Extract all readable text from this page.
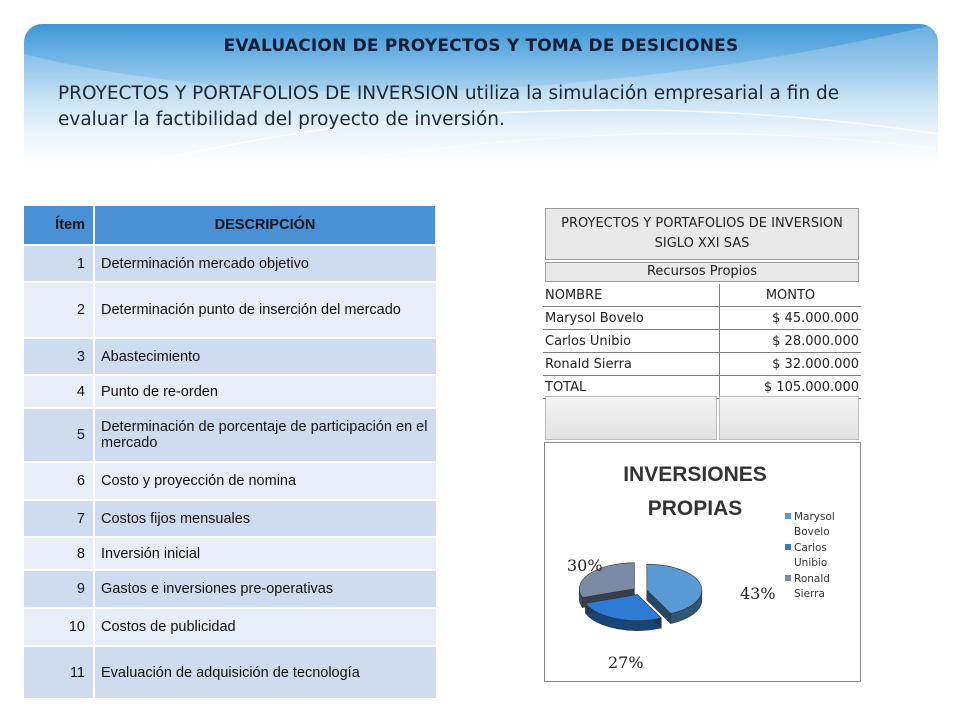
EVALUACION DE PROYECTOS Y TOMA DE DESICIONES
PROYECTOS Y PORTAFOLIOS DE INVERSION utiliza la simulación empresarial a fin de evaluar la factibilidad del proyecto de inversión.
Ítem	DESCRIPCIÓN
1	Determinación mercado objetivo
2	Determinación punto de inserción del mercado
3	Abastecimiento
4	Punto de re-orden
5	Determinación de porcentaje de participación en el mercado
6	Costo y proyección de nomina
7	Costos fijos mensuales
8	Inversión inicial
9	Gastos e inversiones pre-operativas
10	Costos de publicidad
11	Evaluación de adquisición de tecnología
PROYECTOS Y PORTAFOLIOS DE INVERSION SIGLO XXI SAS
Recursos Propios
NOMBRE	MONTO
Marysol Bovelo	$ 45.000.000
Carlos Unibio	$ 28.000.000
Ronald Sierra	$ 32.000.000
TOTAL	$ 105.000.000
INVERSIONES
PROPIAS
43%
27%
30%
Marysol
Bovelo
Carlos
Unibio
Ronald
Sierra
